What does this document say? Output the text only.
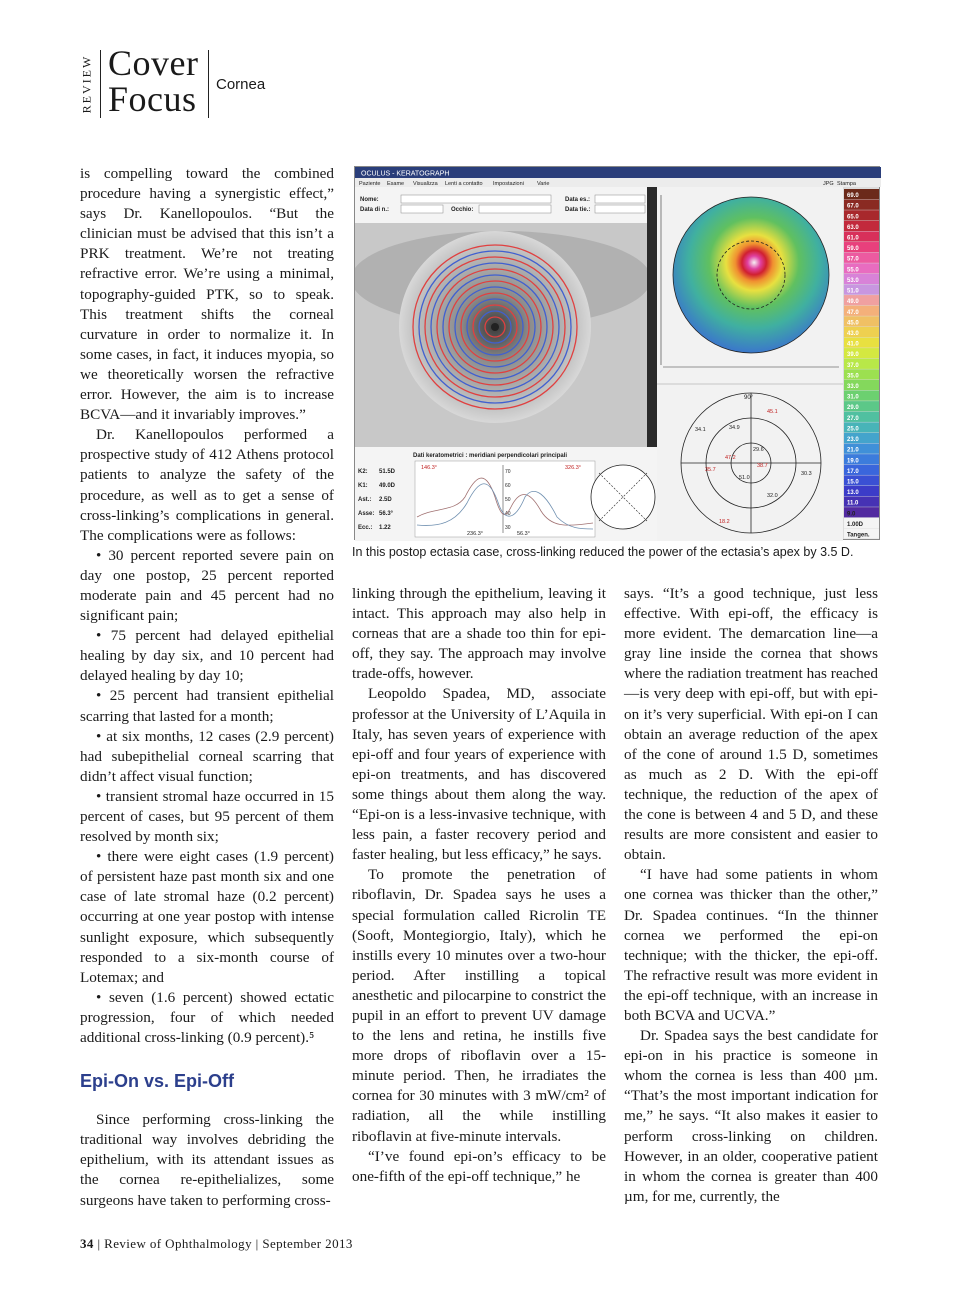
REVIEW Cover
Focus Cornea

is compelling toward the combined procedure having a synergistic effect,” says Dr. Kanellopoulos. “But the clinician must be advised that this isn’t a PRK treatment. We’re not treating refractive error. We’re using a minimal, topography-guided PTK, so to speak. This treatment shifts the corneal curvature in order to normalize it. In some cases, in fact, it induces myopia, so we theoretically worsen the refractive error. However, the aim is to increase BCVA—and it invariably improves.”

Dr. Kanellopoulos performed a prospective study of 412 Athens protocol patients to analyze the safety of the procedure, as well as to get a sense of cross-linking’s complications in general. The complications were as follows:

• 30 percent reported severe pain on day one postop, 25 percent reported moderate pain and 45 percent had no significant pain;

• 75 percent had delayed epithelial healing by day six, and 10 percent had delayed healing by day 10;

• 25 percent had transient epithelial scarring that lasted for a month;

• at six months, 12 cases (2.9 percent) had subepithelial corneal scarring that didn’t affect visual function;

• transient stromal haze occurred in 15 percent of cases, but 95 percent of them resolved by month six;

• there were eight cases (1.9 percent) of persistent haze past month six and one case of late stromal haze (0.2 percent) occurring at one year postop with intense sunlight exposure, which subsequently responded to a six-month course of Lotemax; and

• seven (1.6 percent) showed ectatic progression, four of which needed additional cross-linking (0.9 percent).⁵

Epi-On vs. Epi-Off

Since performing cross-linking the traditional way involves debriding the epithelium, with its attendant issues as the cornea re-epithelializes, some surgeons have taken to performing cross-

OCULUS - KERATOGRAPH
Paziente Esame Visualizza Lenti a contatto Impostazioni Varie	JPG Stampa
Nome:
Data di n.:	Occhio:
Data es.:
Data tie.:
90°
45.1
34.9
34.1
29.6
35.7
47.2
38.7
51.0
30.3
32.0
18.2
Dati keratometrici : meridiani perpendicolari principali
K2: 51.5D
K1: 49.0D
Ast.: 2.5D
Asse: 56.3°
Ecc.: 1.22
146.3°	326.3°
236.3°	56.3°
70
60
50
40
30
69.0
67.0
65.0
63.0
61.0
59.0
57.0
55.0
53.0
51.0
49.0
47.0
45.0
43.0
41.0
39.0
37.0
35.0
33.0
31.0
29.0
27.0
25.0
23.0
21.0
19.0
17.0
15.0
13.0
11.0
9.0
1.00D
Tangen.
In this postop ectasia case, cross-linking reduced the power of the ectasia’s apex by 3.5 D.

linking through the epithelium, leaving it intact. This approach may also help in corneas that are a shade too thin for epi-off, they say. The approach may involve trade-offs, however.

Leopoldo Spadea, MD, associate professor at the University of L’Aquila in Italy, has seven years of experience with epi-off and four years of experience with epi-on treatments, and has discovered some things about them along the way. “Epi-on is a less-invasive technique, with less pain, a faster recovery period and faster healing, but less efficacy,” he says.

To promote the penetration of riboflavin, Dr. Spadea says he uses a special formulation called Ricrolin TE (Sooft, Montegiorgio, Italy), which he instills every 10 minutes over a two-hour period. After instilling a topical anesthetic and pilocarpine to constrict the pupil in an effort to prevent UV damage to the lens and retina, he instills five more drops of riboflavin over a 15-minute period. Then, he irradiates the cornea for 30 minutes with 3 mW/cm² of radiation, all the while instilling riboflavin at five-minute intervals.

“I’ve found epi-on’s efficacy to be one-fifth of the epi-off technique,” he

says. “It’s a good technique, just less effective. With epi-off, the efficacy is more evident. The demarcation line—a gray line inside the cornea that shows where the radiation treatment has reached—is very deep with epi-off, but with epi-on it’s very superficial. With epi-on I can obtain an average reduction of the apex of the cone of around 1.5 D, sometimes as much as 2 D. With the epi-off technique, the reduction of the apex of the cone is between 4 and 5 D, and these results are more consistent and easier to obtain.

“I have had some patients in whom one cornea was thicker than the other,” Dr. Spadea continues. “In the thinner cornea we performed the epi-on technique; with the thicker, the epi-off. The refractive result was more evident in the epi-off technique, with an increase in both BCVA and UCVA.”

Dr. Spadea says the best candidate for epi-on in his practice is someone in whom the cornea is less than 400 µm. “That’s the most important indication for me,” he says. “It also makes it easier to perform cross-linking on children. However, in an older, cooperative patient in whom the cornea is greater than 400 µm, for me, currently, the

34 | Review of Ophthalmology | September 2013
